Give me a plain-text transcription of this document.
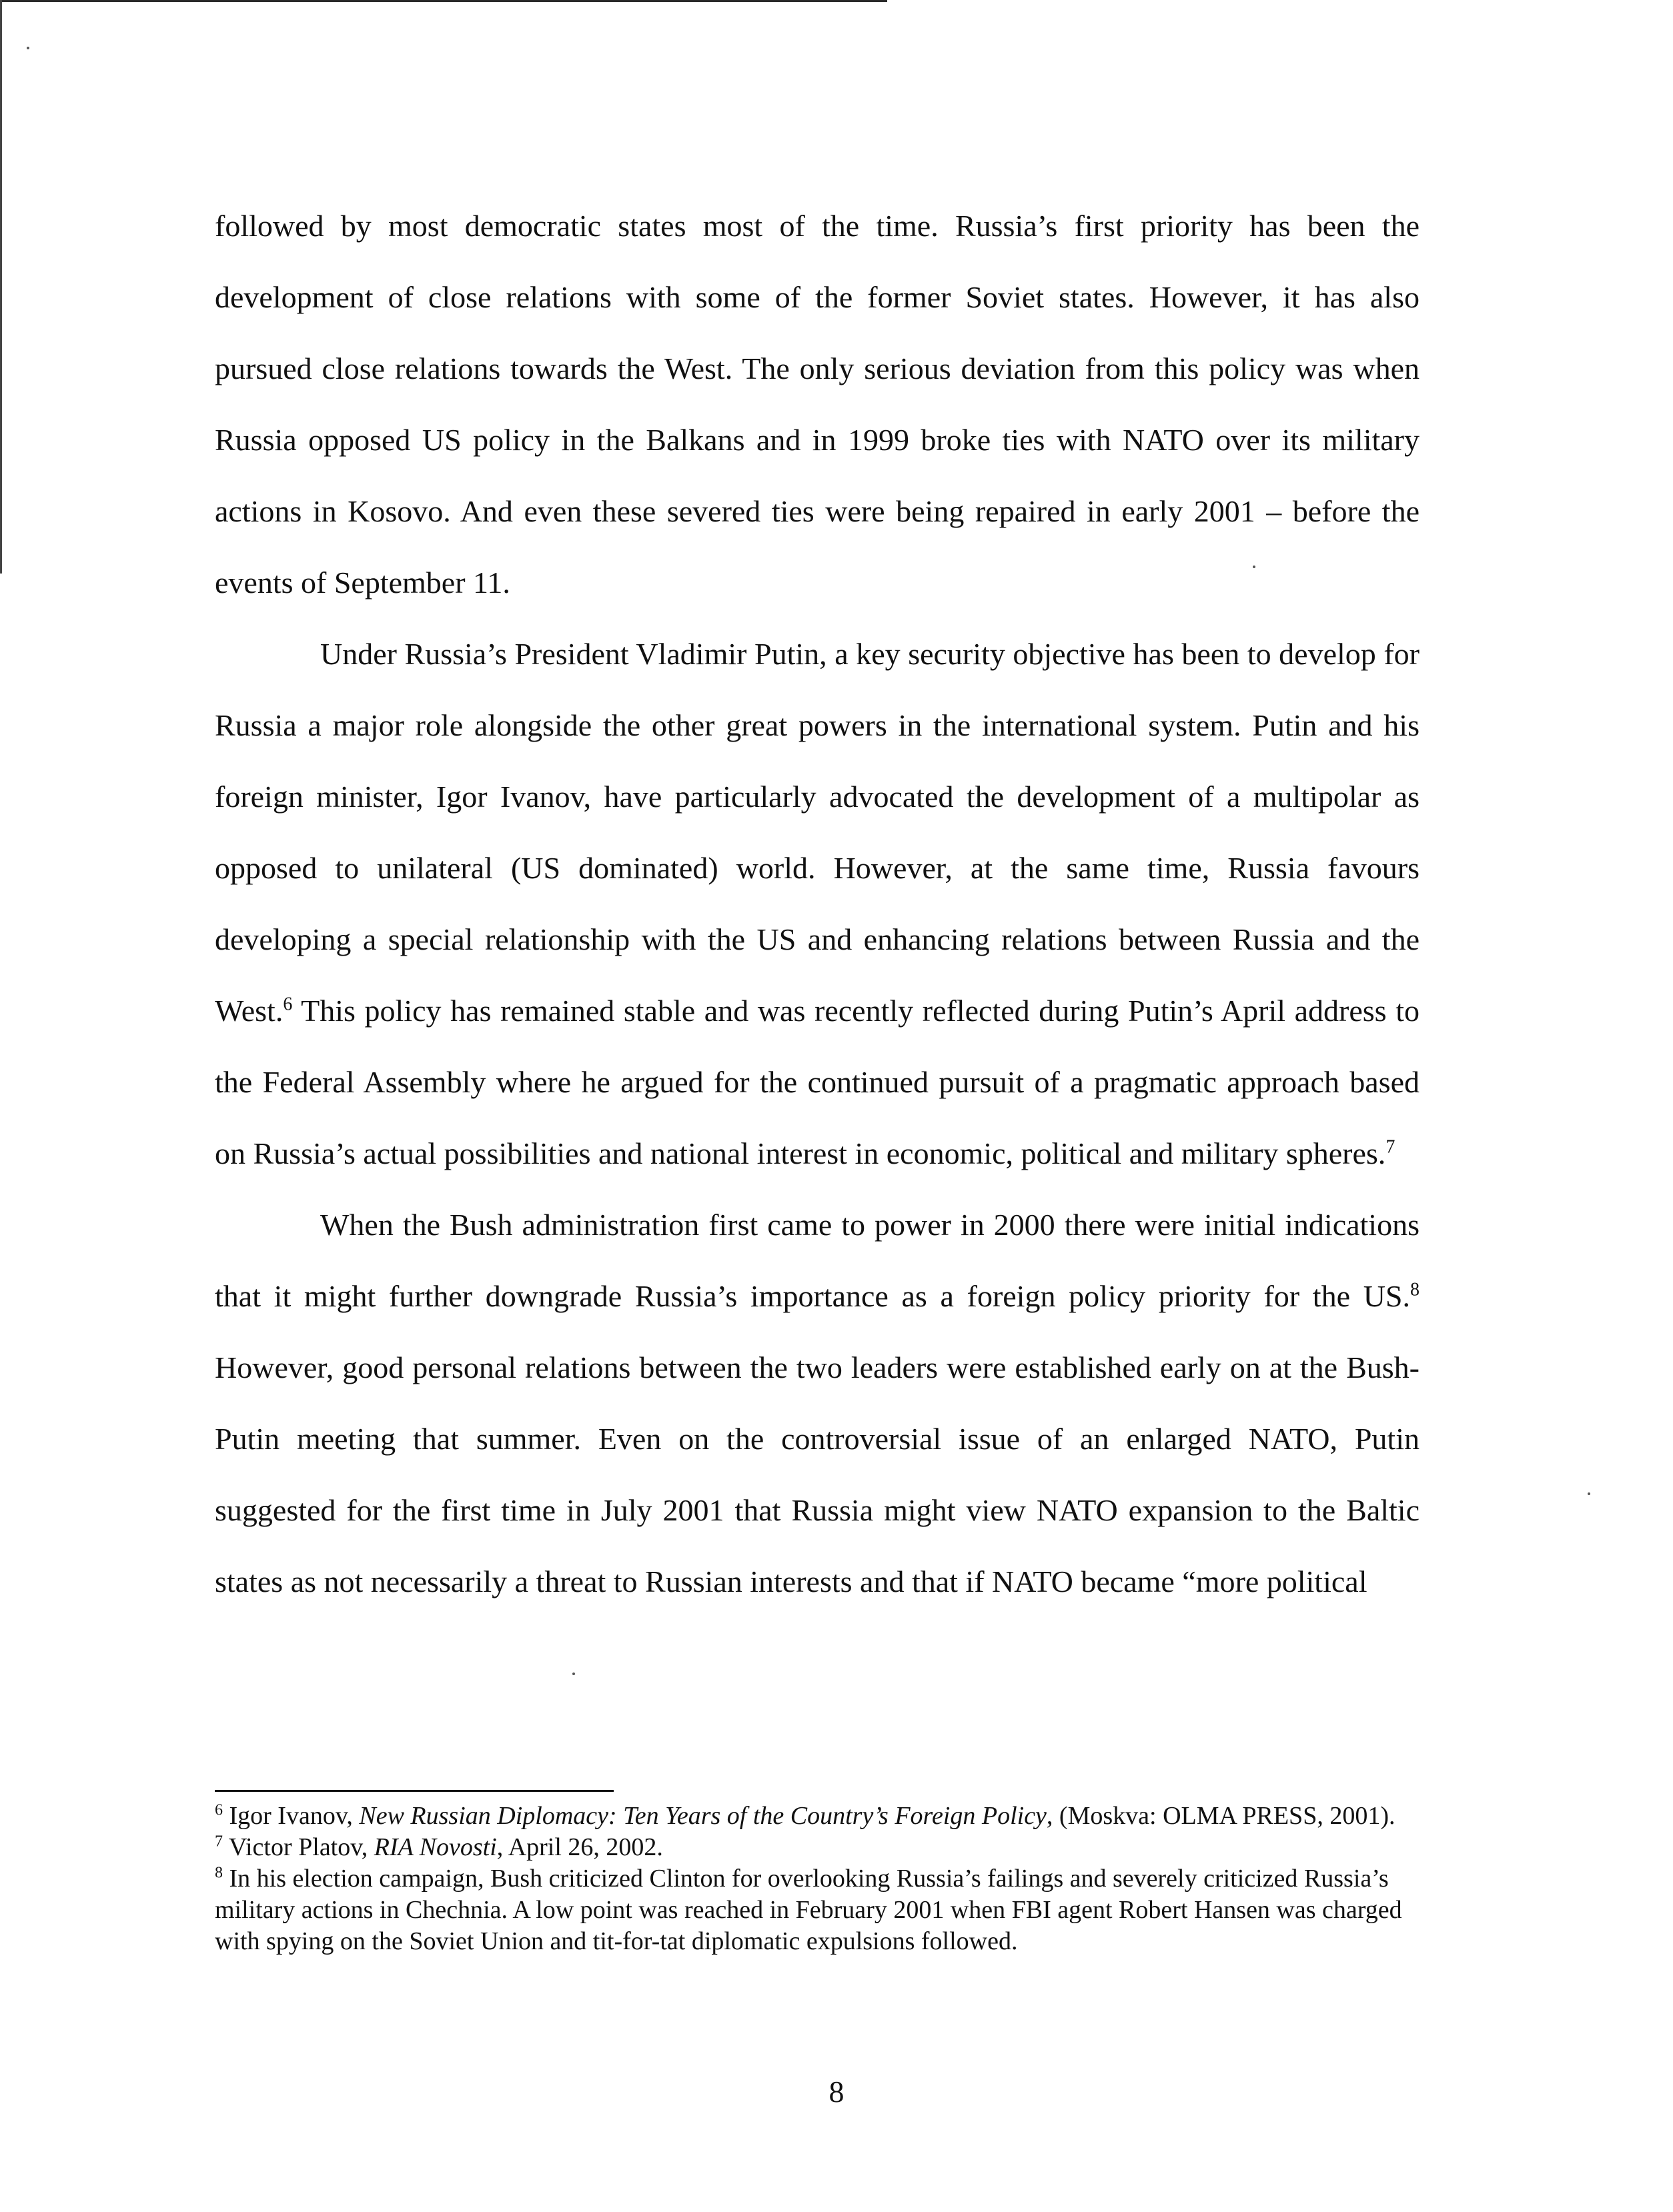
followed by most democratic states most of the time. Russia’s first priority has been the development of close relations with some of the former Soviet states. However, it has also pursued close relations towards the West. The only serious deviation from this policy was when Russia opposed US policy in the Balkans and in 1999 broke ties with NATO over its military actions in Kosovo. And even these severed ties were being repaired in early 2001 – before the events of September 11.

Under Russia’s President Vladimir Putin, a key security objective has been to develop for Russia a major role alongside the other great powers in the international system. Putin and his foreign minister, Igor Ivanov, have particularly advocated the development of a multipolar as opposed to unilateral (US dominated) world. However, at the same time, Russia favours developing a special relationship with the US and enhancing relations between Russia and the West.$^6$ This policy has remained stable and was recently reflected during Putin’s April address to the Federal Assembly where he argued for the continued pursuit of a pragmatic approach based on Russia’s actual possibilities and national interest in economic, political and military spheres.$^7$

When the Bush administration first came to power in 2000 there were initial indications that it might further downgrade Russia’s importance as a foreign policy priority for the US.$^8$ However, good personal relations between the two leaders were established early on at the Bush-Putin meeting that summer. Even on the controversial issue of an enlarged NATO, Putin suggested for the first time in July 2001 that Russia might view NATO expansion to the Baltic states as not necessarily a threat to Russian interests and that if NATO became “more political

$^6$ Igor Ivanov, New Russian Diplomacy: Ten Years of the Country’s Foreign Policy, (Moskva: OLMA PRESS, 2001).

$^7$ Victor Platov, RIA Novosti, April 26, 2002.

$^8$ In his election campaign, Bush criticized Clinton for overlooking Russia’s failings and severely criticized Russia’s military actions in Chechnia. A low point was reached in February 2001 when FBI agent Robert Hansen was charged with spying on the Soviet Union and tit-for-tat diplomatic expulsions followed.

8
